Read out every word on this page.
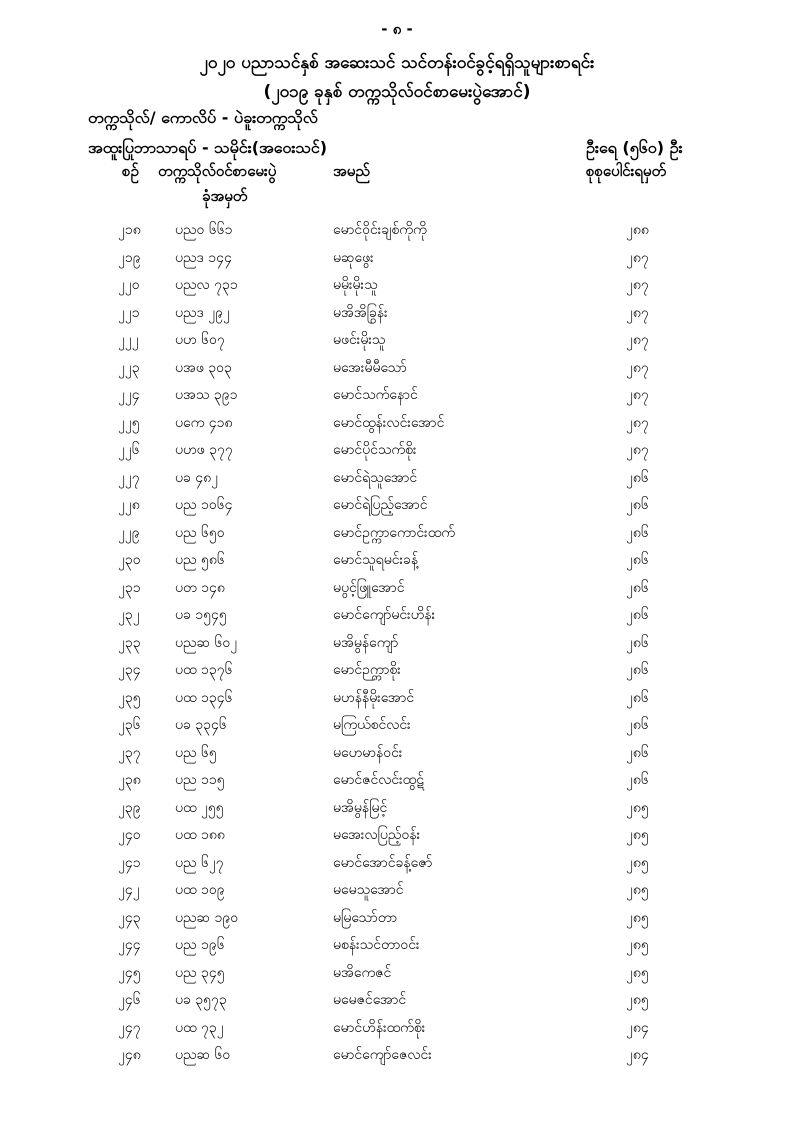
- ၈ -
၂၀၂၀ ပညာသင်နှစ် အဆေးသင် သင်တန်းဝင်ခွင့်ရရှိသူများစာရင်း
(၂၀၁၉ ခုနှစ် တက္ကသိုလ်ဝင်စာမေးပွဲအောင်)
တက္ကသိုလ်/ ကောလိပ် - ပဲခူးတက္ကသိုလ်
အထူးပြုဘာသာရပ် - သမိုင်း(အဝေးသင်)	ဦးရေ (၅၆၀) ဦး
စဉ် တက္ကသိုလ်ဝင်စာမေးပွဲ
ခုံအမှတ်
အမည်	စုစုပေါင်းရမှတ်
၂၁၈ ပညဝ ၆၆၁	မောင်ဝိုင်းချစ်ကိုကို	၂၈၈
၂၁၉ ပညဒ ၁၄၄	မဆုဖွေး	၂၈၇
၂၂၀	ပညလ ၇၃၁	မမိုးမိုးသူ	၂၈၇
၂၂၁	ပညဒ ၂၉၂	မအိအိခြွန်း	၂၈၇
၂၂၂	ပဟ ၆၀၇	မဖင်းမိုးသူ	၂၈၇
၂၂၃	ပအဖ ၃၀၃	မအေးမီမီသော်	၂၈၇
၂၂၄	ပအသ ၃၉၁	မောင်သက်နောင်	၂၈၇
၂၂၅	ပကေ ၄၁၈	မောင်ထွန်းလင်းအောင်	၂၈၇
၂၂၆	ပဟဖ ၃၇၇	မောင်ပိုင်သက်စိုး	၂၈၇
၂၂၇	ပခ ၄၈၂	မောင်ရဲသူအောင်	၂၈၆
၂၂၈	ပည ၁၀၆၄	မောင်ရဲပြည့်အောင်	၂၈၆
၂၂၉	ပည ၆၅၀	မောင်ဥက္ကာကောင်းထက်	၂၈၆
၂၃၀ ပည ၅၈၆	မောင်သူရမင်းခန့်	၂၈၆
၂၃၁ ပတ ၁၄၈	မပွင့်ဖြူအောင်	၂၈၆
၂၃၂	ပခ ၁၅၄၅	မောင်ကျော်မင်းဟိန်း	၂၈၆
၂၃၃ ပညဆ ၆၀၂	မအိမွန်ကျော်	၂၈၆
၂၃၄ ပထ ၁၃၇၆	မောင်ဉက္ကာစိုး	၂၈၆
၂၃၅ ပထ ၁၃၄၆	မဟန်နီမိုးအောင်	၂၈၆
၂၃၆ ပခ ၃၃၄၆	မကြယ်စင်လင်း	၂၈၆
၂၃၇ ပည ၆၅	မဟေမာန်ဝင်း	၂၈၆
၂၃၈ ပည ၁၁၅	မောင်ဇင်လင်းထွဋ်	၂၈၆
၂၃၉ ပထ ၂၅၅	မအိမွန်မြင့်	၂၈၅
၂၄၀ ပထ ၁၈၈	မအေးလပြည့်ဝန်း	၂၈၅
၂၄၁ ပည ၆၂၇	မောင်အောင်ခန့်ဇော်	၂၈၅
၂၄၂	ပထ ၁၀၉	မမေသူအောင်	၂၈၅
၂၄၃ ပညဆ ၁၉၀	မမြသော်တာ	၂၈၅
၂၄၄ ပည ၁၉၆	မစန်းသင်တာဝင်း	၂၈၅
၂၄၅ ပည ၃၄၅	မအိကေဇင်	၂၈၅
၂၄၆ ပခ ၃၅၇၃	မမေဇင်အောင်	၂၈၅
၂၄၇ ပထ ၇၃၂	မောင်ဟိန်းထက်စိုး	၂၈၄
၂၄၈ ပညဆ ၆၀	မောင်ကျော်ဇေလင်း	၂၈၄
